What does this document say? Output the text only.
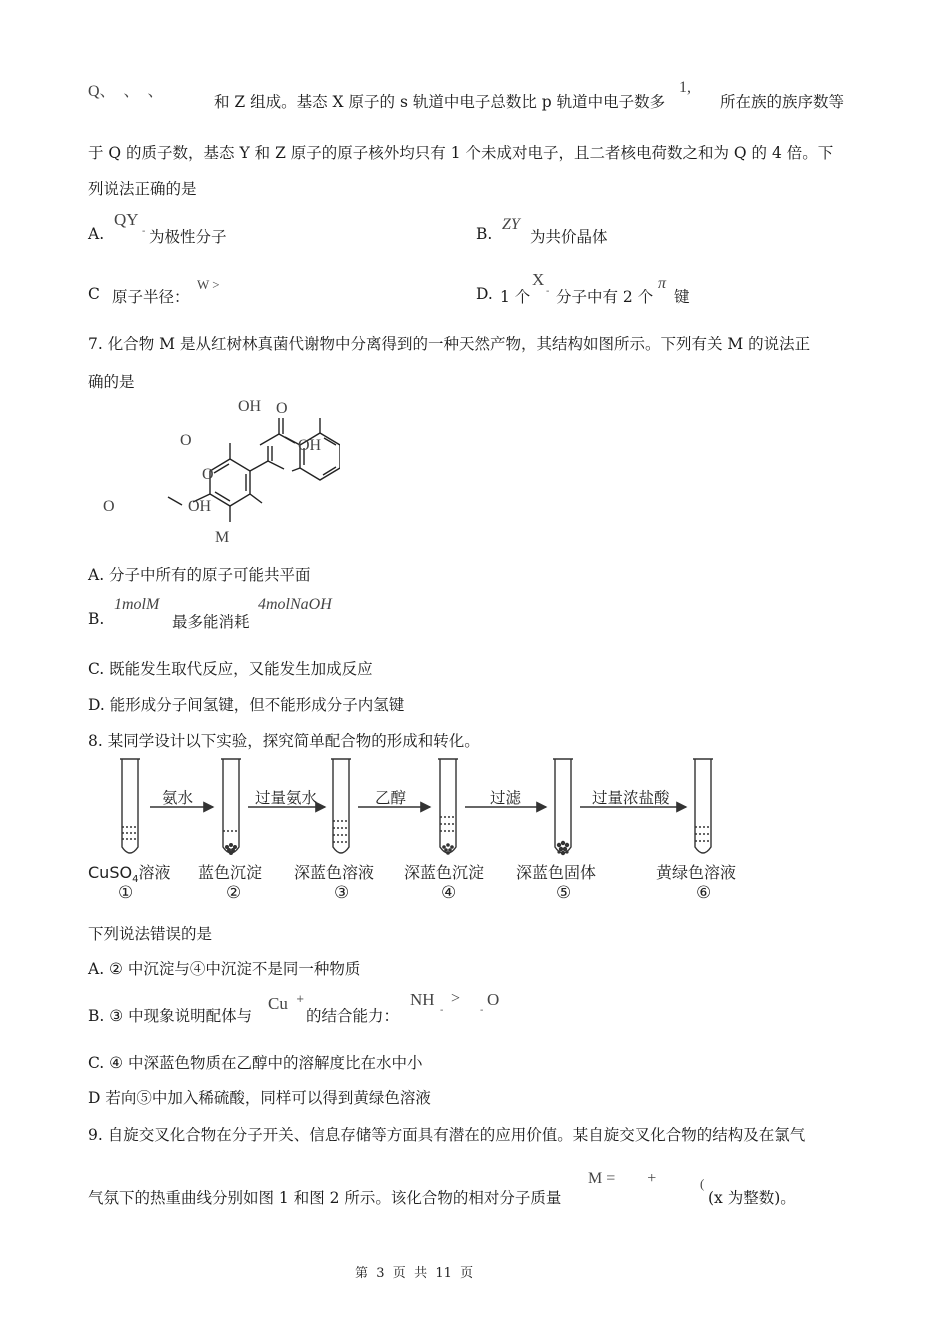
Q、　、　、
和 Z 组成。基态 X 原子的 s 轨道中电子总数比 p 轨道中电子数多
1,
所在族的族序数等
于 Q 的质子数，基态 Y 和 Z 原子的原子核外均只有 1 个未成对电子，且二者核电荷数之和为 Q 的 4 倍。下
列说法正确的是
A.
QY
- 为极性分子	B.
ZY
为共价晶体
C 原子半径：
W >
D. 1 个
X
- 分子中有 2 个
π
键
7. 化合物 M 是从红树林真菌代谢物中分离得到的一种天然产物，其结构如图所示。下列有关 M 的说法正
确的是
OH O
OH
O
O
O	OH
M
A. 分子中所有的原子可能共平面
B.
1molM
最多能消耗
4molNaOH
C. 既能发生取代反应，又能发生加成反应
D. 能形成分子间氢键，但不能形成分子内氢键
8. 某同学设计以下实验，探究简单配合物的形成和转化。
氨水	过量氨水	乙醇	过滤	过量浓盐酸
CuSO$_4$溶液 蓝色沉淀 深蓝色溶液 深蓝色沉淀 深蓝色固体	黄绿色溶液
①	②	③	④	⑤	⑥
下列说法错误的是
A. ② 中沉淀与④中沉淀不是同一种物质
B. ③ 中现象说明配体与
Cu +
的结合能力：
NH
-
>
-
O
C. ④ 中深蓝色物质在乙醇中的溶解度比在水中小
D 若向⑤中加入稀硫酸，同样可以得到黄绿色溶液
9. 自旋交叉化合物在分子开关、信息存储等方面具有潜在的应用价值。某自旋交叉化合物的结构及在氯气
气氛下的热重曲线分别如图 1 和图 2 所示。该化合物的相对分子质量
M =        + (
(x 为整数)。
第  3  页  共  11  页
